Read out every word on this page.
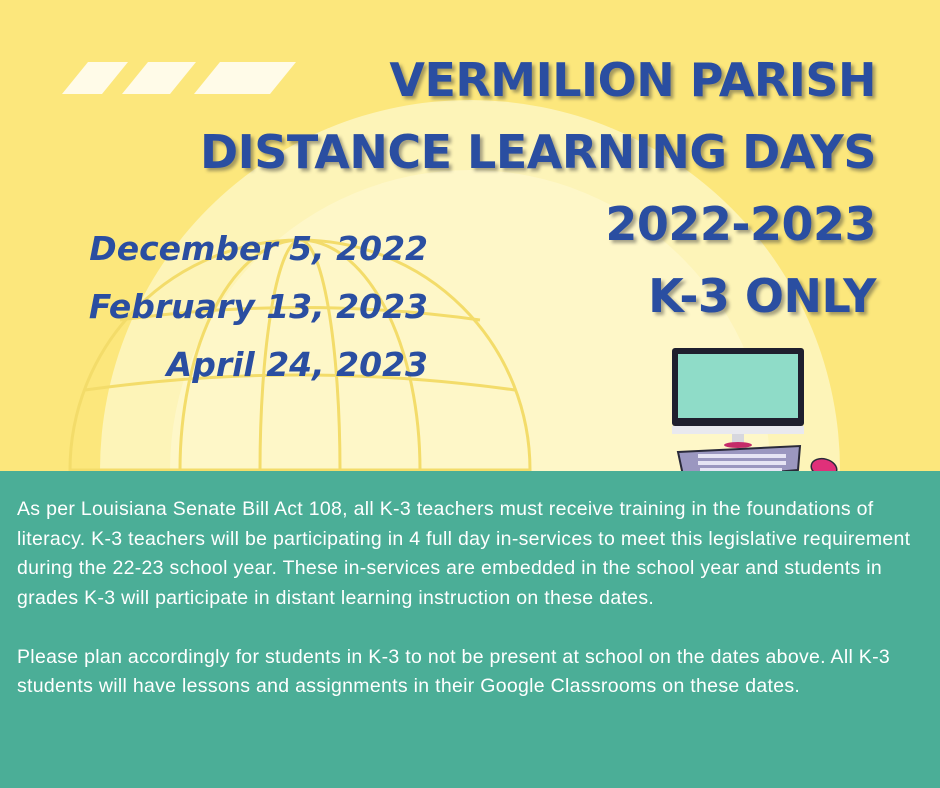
VERMILION PARISH
DISTANCE LEARNING DAYS
2022-2023
K-3 ONLY
December 5, 2022
February 13, 2023
April 24, 2023

As per Louisiana Senate Bill Act 108, all K-3 teachers must receive training in the foundations of literacy. K-3 teachers will be participating in 4 full day in-services to meet this legislative requirement during the 22-23 school year. These in-services are embedded in the school year and students in grades K-3 will participate in distant learning instruction on these dates.

Please plan accordingly for students in K-3 to not be present at school on the dates above. All K-3 students will have lessons and assignments in their Google Classrooms on these dates.
